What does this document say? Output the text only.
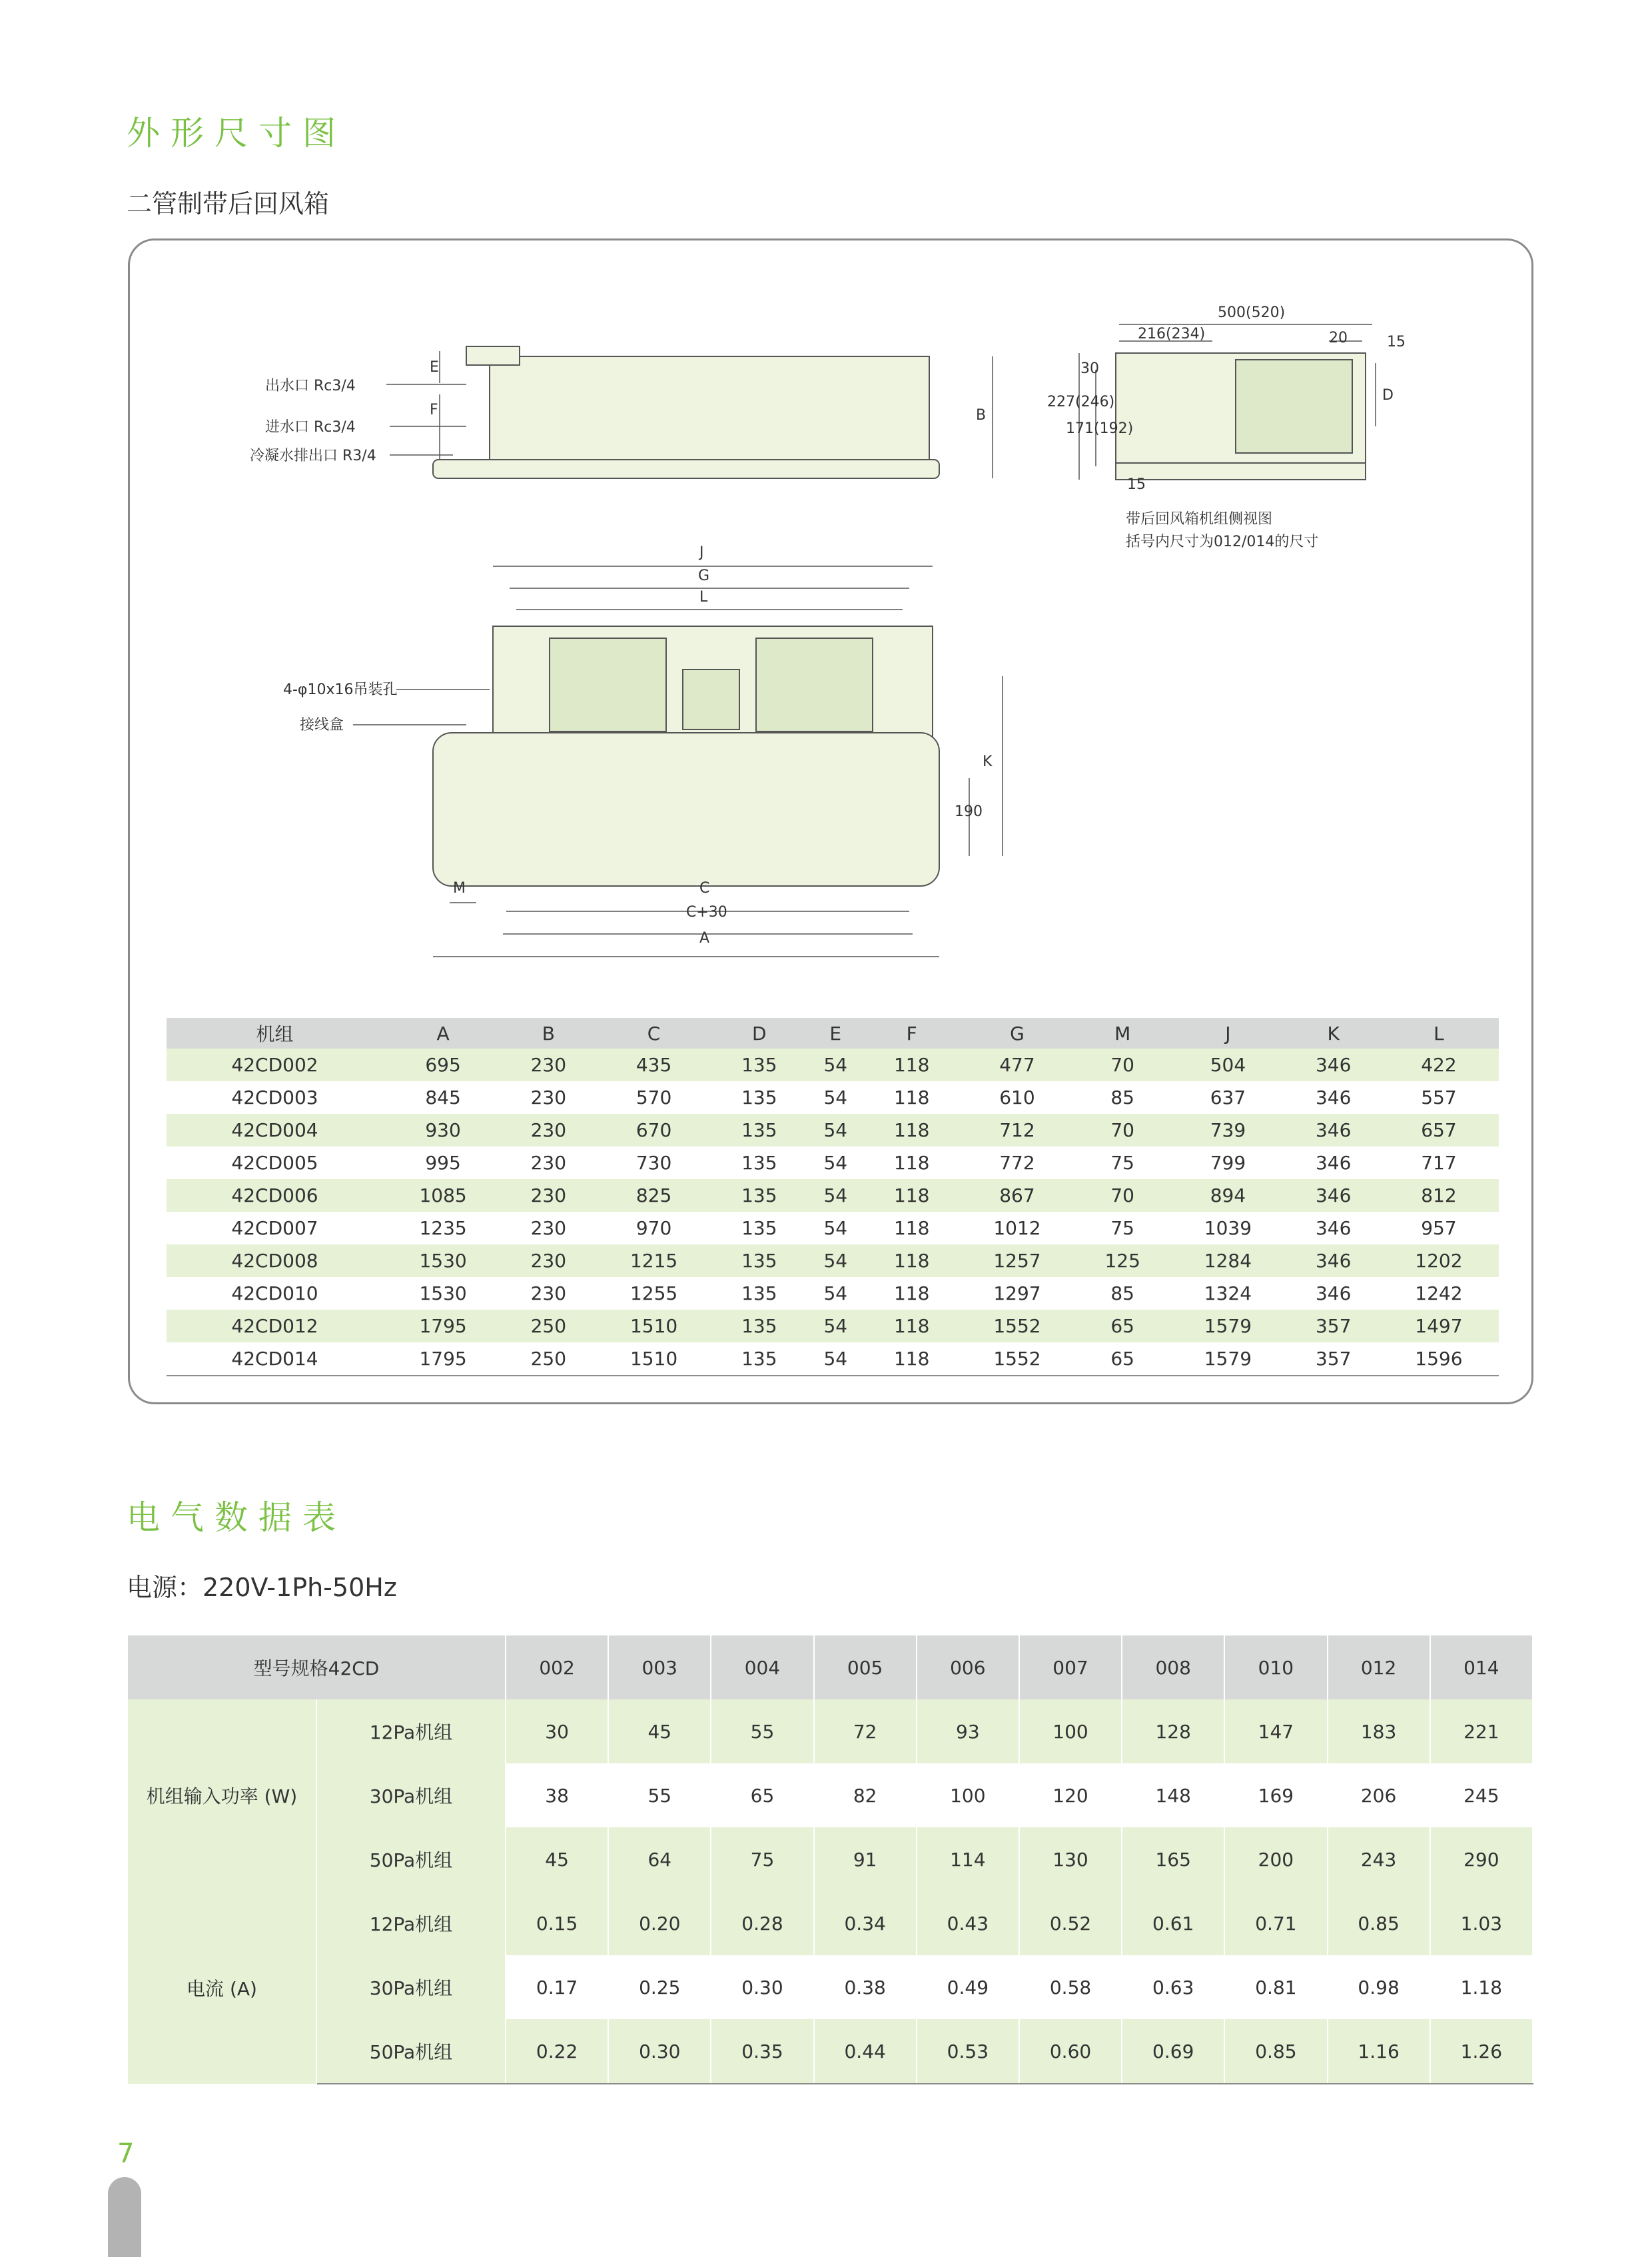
外形尺寸图
二管制带后回风箱
出水口 Rc3/4
进水口 Rc3/4
冷凝水排出口 R3/4
E
F	B
500(520)
216(234)	20	15
30
227(246)
171(192)
D
15
带后回风箱机组侧视图
括号内尺寸为012/014的尺寸
J
G
L
4-φ10x16吊装孔
接线盒
K
190
M	C
C+30
A
机组	A	B	C	D	E	F	G	M	J	K	L
42CD002	695	230	435	135	54	118	477	70	504	346	422
42CD003	845	230	570	135	54	118	610	85	637	346	557
42CD004	930	230	670	135	54	118	712	70	739	346	657
42CD005	995	230	730	135	54	118	772	75	799	346	717
42CD006	1085	230	825	135	54	118	867	70	894	346	812
42CD007	1235	230	970	135	54	118	1012	75	1039	346	957
42CD008	1530	230	1215	135	54	118	1257	125	1284	346	1202
42CD010	1530	230	1255	135	54	118	1297	85	1324	346	1242
42CD012	1795	250	1510	135	54	118	1552	65	1579	357	1497
42CD014	1795	250	1510	135	54	118	1552	65	1579	357	1596
电气数据表
电源：220V-1Ph-50Hz
型号规格42CD		002	003	004	005	006	007	008	010	012	014
机组输入功率 (W)	12Pa机组	30	45	55	72	93	100	128	147	183	221
	30Pa机组	38	55	65	82	100	120	148	169	206	245
	50Pa机组	45	64	75	91	114	130	165	200	243	290
电流 (A)	12Pa机组	0.15	0.20	0.28	0.34	0.43	0.52	0.61	0.71	0.85	1.03
	30Pa机组	0.17	0.25	0.30	0.38	0.49	0.58	0.63	0.81	0.98	1.18
	50Pa机组	0.22	0.30	0.35	0.44	0.53	0.60	0.69	0.85	1.16	1.26
7
